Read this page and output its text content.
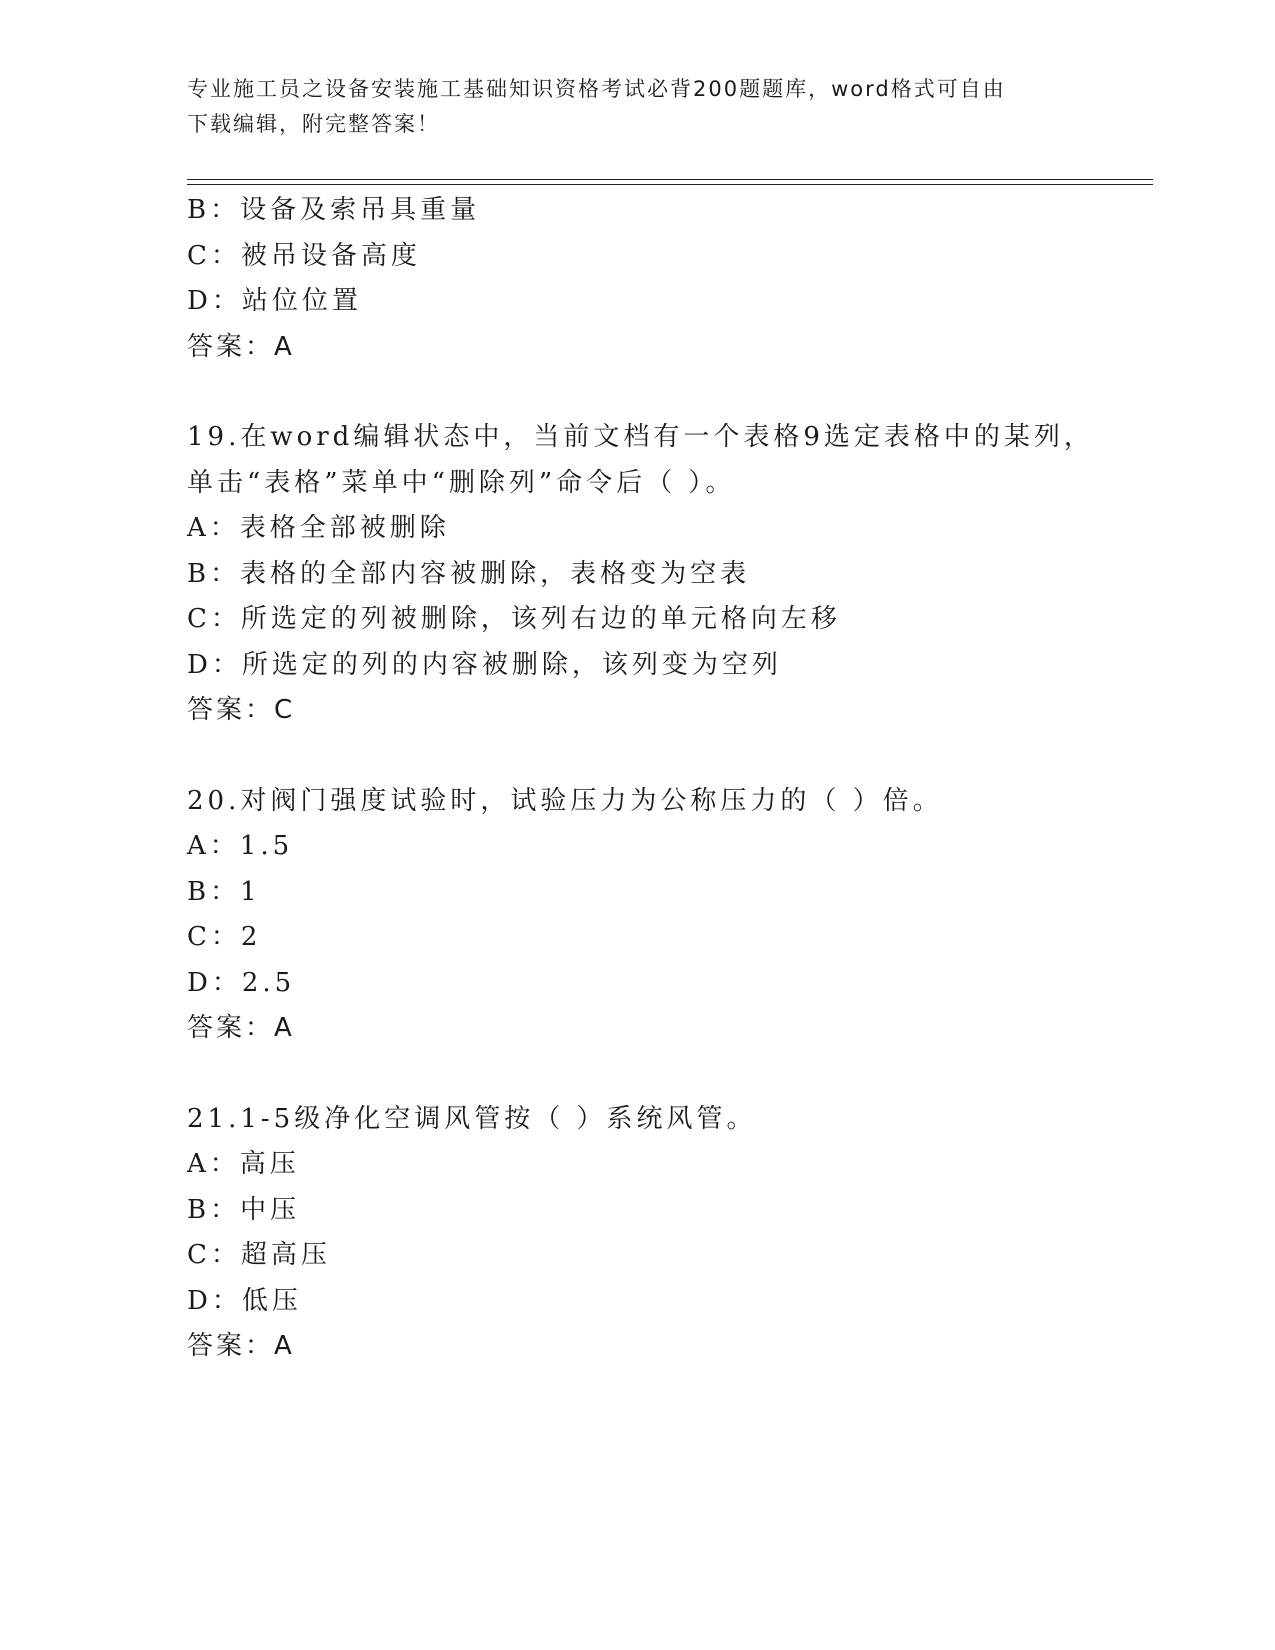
专业施工员之设备安装施工基础知识资格考试必背200题题库，word格式可自由
下载编辑，附完整答案！
B：设备及索吊具重量
C：被吊设备高度
D：站位位置
答案：A
19.在word编辑状态中，当前文档有一个表格9选定表格中的某列，
单击“表格”菜单中“删除列”命令后（ ）。
A：表格全部被删除
B：表格的全部内容被删除，表格变为空表
C：所选定的列被删除，该列右边的单元格向左移
D：所选定的列的内容被删除，该列变为空列
答案：C
20.对阀门强度试验时，试验压力为公称压力的（ ）倍。
A：1.5
B：1
C：2
D：2.5
答案：A
21.1-5级净化空调风管按（ ）系统风管。
A：高压
B：中压
C：超高压
D：低压
答案：A
